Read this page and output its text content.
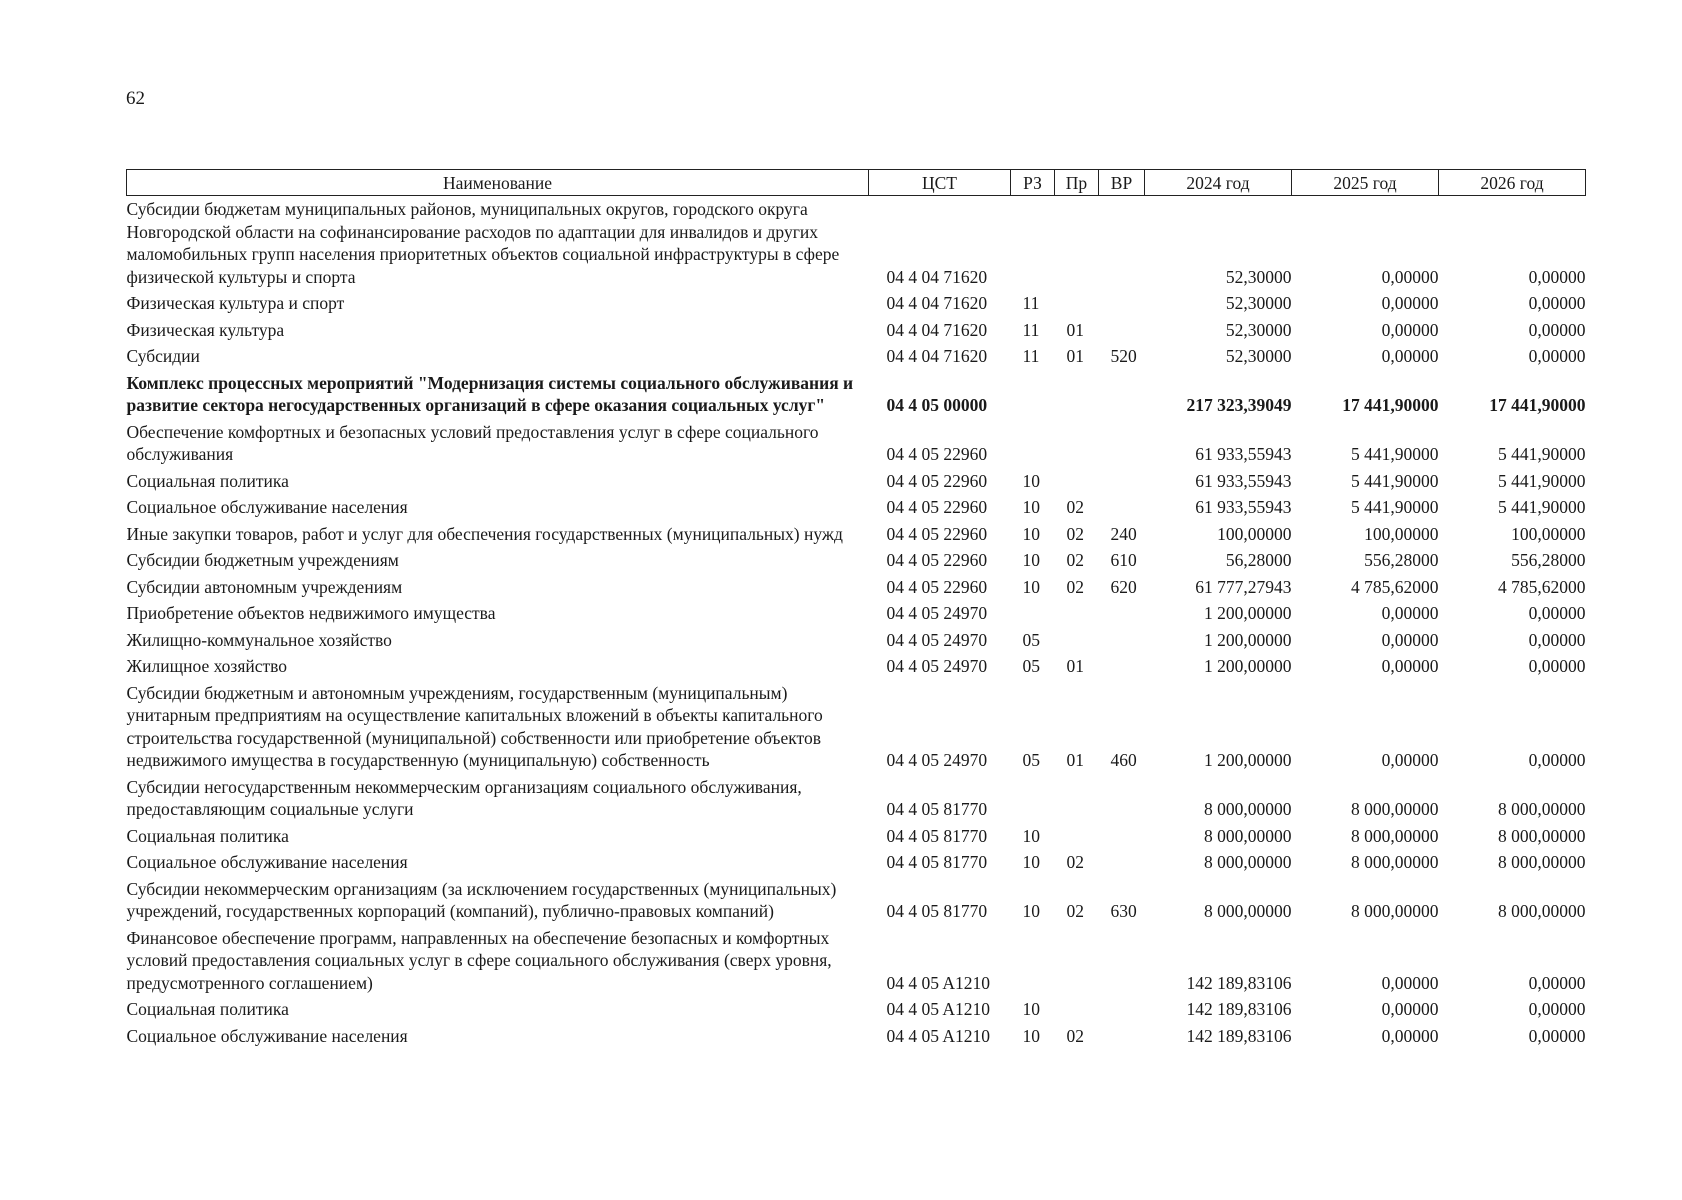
62
Наименование	ЦСТ	РЗ	Пр	ВР	2024 год	2025 год	2026 год
Субсидии бюджетам муниципальных районов, муниципальных округов, городского округа Новгородской области на софинансирование расходов по адаптации для инвалидов и других маломобильных групп населения приоритетных объектов социальной инфраструктуры в сфере физической культуры и спорта	04 4 04 71620				52,30000	0,00000	0,00000
Физическая культура и спорт	04 4 04 71620	11			52,30000	0,00000	0,00000
Физическая культура	04 4 04 71620	11	01		52,30000	0,00000	0,00000
Субсидии	04 4 04 71620	11	01	520	52,30000	0,00000	0,00000
Комплекс процессных мероприятий "Модернизация системы социального обслуживания и развитие сектора негосударственных организаций в сфере оказания социальных услуг"	04 4 05 00000				217 323,39049	17 441,90000	17 441,90000
Обеспечение комфортных и безопасных условий предоставления услуг в сфере социального обслуживания	04 4 05 22960				61 933,55943	5 441,90000	5 441,90000
Социальная политика	04 4 05 22960	10			61 933,55943	5 441,90000	5 441,90000
Социальное обслуживание населения	04 4 05 22960	10	02		61 933,55943	5 441,90000	5 441,90000
Иные закупки товаров, работ и услуг для обеспечения государственных (муниципальных) нужд	04 4 05 22960	10	02	240	100,00000	100,00000	100,00000
Субсидии бюджетным учреждениям	04 4 05 22960	10	02	610	56,28000	556,28000	556,28000
Субсидии автономным учреждениям	04 4 05 22960	10	02	620	61 777,27943	4 785,62000	4 785,62000
Приобретение объектов недвижимого имущества	04 4 05 24970				1 200,00000	0,00000	0,00000
Жилищно-коммунальное хозяйство	04 4 05 24970	05			1 200,00000	0,00000	0,00000
Жилищное хозяйство	04 4 05 24970	05	01		1 200,00000	0,00000	0,00000
Субсидии бюджетным и автономным учреждениям, государственным (муниципальным) унитарным предприятиям на осуществление капитальных вложений в объекты капитального строительства государственной (муниципальной) собственности или приобретение объектов недвижимого имущества в государственную (муниципальную) собственность	04 4 05 24970	05	01	460	1 200,00000	0,00000	0,00000
Субсидии негосударственным некоммерческим организациям социального обслуживания, предоставляющим социальные услуги	04 4 05 81770				8 000,00000	8 000,00000	8 000,00000
Социальная политика	04 4 05 81770	10			8 000,00000	8 000,00000	8 000,00000
Социальное обслуживание населения	04 4 05 81770	10	02		8 000,00000	8 000,00000	8 000,00000
Субсидии некоммерческим организациям (за исключением государственных (муниципальных) учреждений, государственных корпораций (компаний), публично-правовых компаний)	04 4 05 81770	10	02	630	8 000,00000	8 000,00000	8 000,00000
Финансовое обеспечение программ, направленных на обеспечение безопасных и комфортных условий предоставления социальных услуг в сфере социального обслуживания (сверх уровня, предусмотренного соглашением)	04 4 05 A1210				142 189,83106	0,00000	0,00000
Социальная политика	04 4 05 A1210	10			142 189,83106	0,00000	0,00000
Социальное обслуживание населения	04 4 05 A1210	10	02		142 189,83106	0,00000	0,00000
